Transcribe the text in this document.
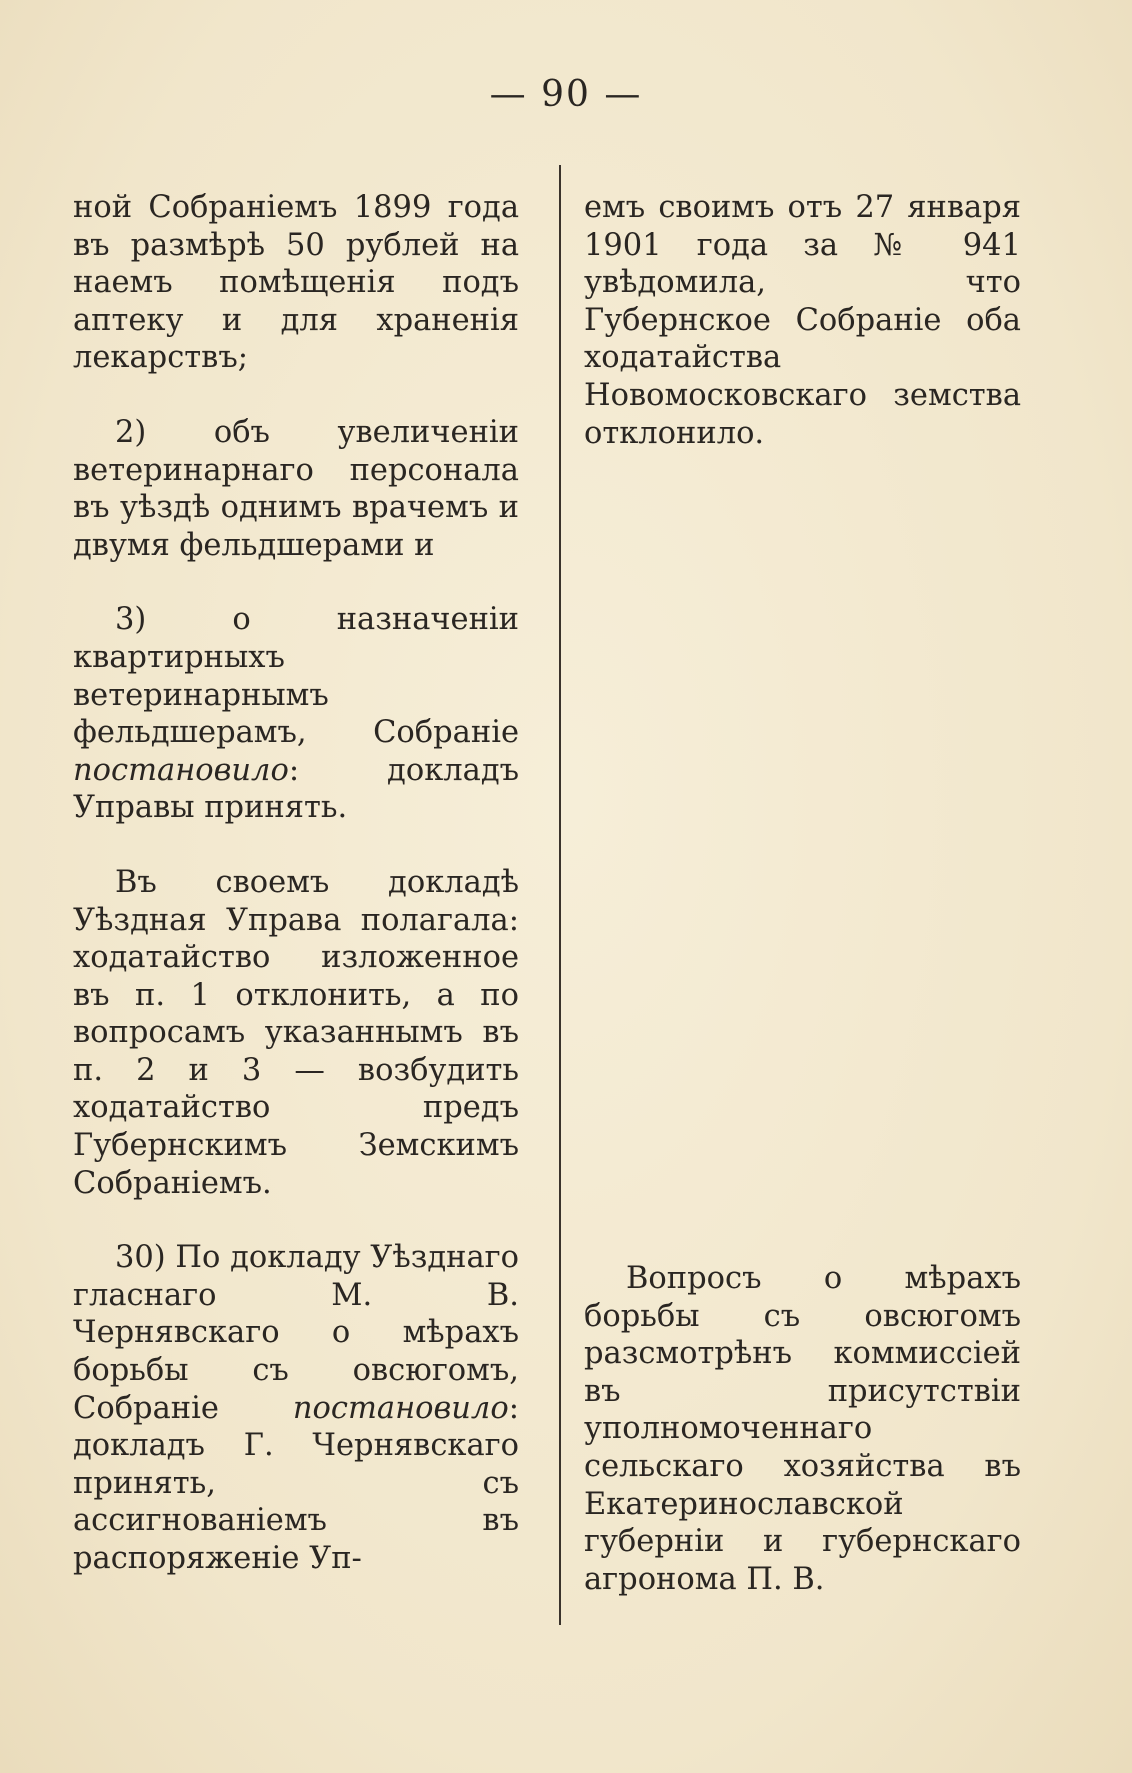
— 90 —

ной Собраніемъ 1899 года въ размѣрѣ 50 рублей на наемъ помѣщенія подъ аптеку и для храненія лекарствъ;

2) объ увеличеніи ветеринарнаго персонала въ уѣздѣ однимъ врачемъ и двумя фельдшерами и

3) о назначеніи квартирныхъ ветеринарнымъ фельдшерамъ, Собраніе постановило: докладъ Управы принять.

Въ своемъ докладѣ Уѣздная Управа полагала: ходатайство изложенное въ п. 1 отклонить, а по вопросамъ указаннымъ въ п. 2 и 3 — возбудить ходатайство предъ Губернскимъ Земскимъ Собраніемъ.

30) По докладу Уѣзднаго гласнаго М. В. Чернявскаго о мѣрахъ борьбы съ овсюгомъ, Собраніе постановило: докладъ Г. Чернявскаго принять, съ ассигнованіемъ въ распоряженіе Уп-

емъ своимъ отъ 27 января 1901 года за № 941 увѣдомила, что Губернское Собраніе оба ходатайства Новомосковскаго земства отклонило.

Вопросъ о мѣрахъ борьбы съ овсюгомъ разсмотрѣнъ коммиссіей въ присутствіи уполномоченнаго сельскаго хозяйства въ Екатеринославской губерніи и губернскаго агронома П. В.
